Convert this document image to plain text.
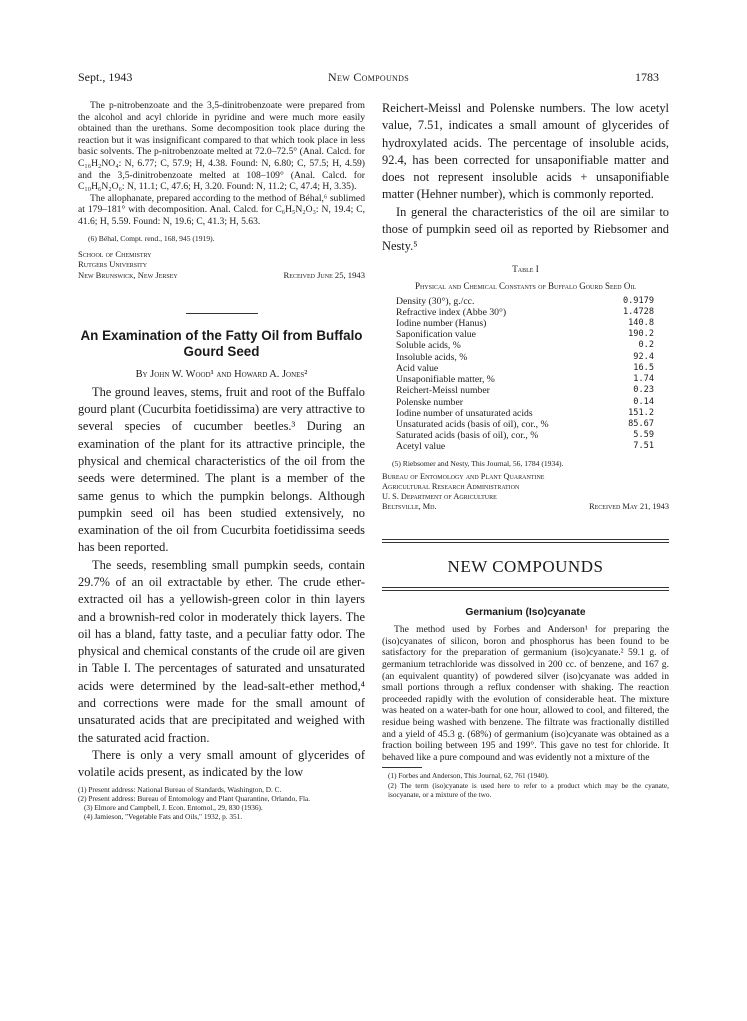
Sept., 1943	New Compounds	1783

The p-nitrobenzoate and the 3,5-dinitrobenzoate were prepared from the alcohol and acyl chloride in pyridine and were much more easily obtained than the urethans. Some decomposition took place during the reaction but it was insignificant compared to that which took place in less basic solvents. The p-nitrobenzoate melted at 72.0–72.5° (Anal. Calcd. for C₁₆H₂NO₄: N, 6.77; C, 57.9; H, 4.38. Found: N, 6.80; C, 57.5; H, 4.59) and the 3,5-dinitrobenzoate melted at 108–109° (Anal. Calcd. for C₁₀H₆N₂O₆: N, 11.1; C, 47.6; H, 3.20. Found: N, 11.2; C, 47.4; H, 3.35).

The allophanate, prepared according to the method of Béhal,⁶ sublimed at 179–181° with decomposition. Anal. Calcd. for C₆H₅N₂O₃: N, 19.4; C, 41.6; H, 5.59. Found: N, 19.6; C, 41.3; H, 5.63.

(6) Béhal, Compt. rend., 168, 945 (1919).
School of Chemistry
Rutgers University
New Brunswick, New Jersey	Received June 25, 1943
An Examination of the Fatty Oil from Buffalo Gourd Seed
By John W. Wood¹ and Howard A. Jones²

The ground leaves, stems, fruit and root of the Buffalo gourd plant (Cucurbita foetidissima) are very attractive to several species of cucumber beetles.³ During an examination of the plant for its attractive principle, the physical and chemical characteristics of the oil from the seeds were determined. The plant is a member of the same genus to which the pumpkin belongs. Although pumpkin seed oil has been studied extensively, no examination of the oil from Cucurbita foetidissima seeds has been reported.

The seeds, resembling small pumpkin seeds, contain 29.7% of an oil extractable by ether. The crude ether-extracted oil has a yellowish-green color in thin layers and a brownish-red color in moderately thick layers. The oil has a bland, fatty taste, and a peculiar fatty odor. The physical and chemical constants of the crude oil are given in Table I. The percentages of saturated and unsaturated acids were determined by the lead-salt-ether method,⁴ and corrections were made for the small amount of unsaturated acids that are precipitated and weighed with the saturated acid fraction.

There is only a very small amount of glycerides of volatile acids present, as indicated by the low

(1) Present address: National Bureau of Standards, Washington, D. C.
(2) Present address: Bureau of Entomology and Plant Quarantine, Orlando, Fla.
(3) Elmore and Campbell, J. Econ. Entomol., 29, 830 (1936).
(4) Jamieson, "Vegetable Fats and Oils," 1932, p. 351.

Reichert-Meissl and Polenske numbers. The low acetyl value, 7.51, indicates a small amount of glycerides of hydroxylated acids. The percentage of insoluble acids, 92.4, has been corrected for unsaponifiable matter and does not represent insoluble acids + unsaponifiable matter (Hehner number), which is commonly reported.

In general the characteristics of the oil are similar to those of pumpkin seed oil as reported by Riebsomer and Nesty.⁵

Table I
Physical and Chemical Constants of Buffalo Gourd Seed Oil
Density (30°), g./cc.	0.9179
Refractive index (Abbe 30°)	1.4728
Iodine number (Hanus)	140.8
Saponification value	190.2
Soluble acids, %	0.2
Insoluble acids, %	92.4
Acid value	16.5
Unsaponifiable matter, %	1.74
Reichert-Meissl number	0.23
Polenske number	0.14
Iodine number of unsaturated acids	151.2
Unsaturated acids (basis of oil), cor., %	85.67
Saturated acids (basis of oil), cor., %	5.59
Acetyl value	7.51
(5) Riebsomer and Nesty, This Journal, 56, 1784 (1934).
Bureau of Entomology and Plant Quarantine
Agricultural Research Administration
U. S. Department of Agriculture
Beltsville, Md.	Received May 21, 1943
NEW COMPOUNDS
Germanium (Iso)cyanate

The method used by Forbes and Anderson¹ for preparing the (iso)cyanates of silicon, boron and phosphorus has been found to be satisfactory for the preparation of germanium (iso)cyanate.² 59.1 g. of germanium tetrachloride was dissolved in 200 cc. of benzene, and 167 g. (an equivalent quantity) of powdered silver (iso)cyanate was added in small portions through a reflux condenser with shaking. The reaction proceeded rapidly with the evolution of considerable heat. The mixture was heated on a water-bath for one hour, allowed to cool, and filtered, the residue being washed with benzene. The filtrate was fractionally distilled and a yield of 45.3 g. (68%) of germanium (iso)cyanate was obtained as a fraction boiling between 195 and 199°. This gave no test for chloride. It behaved like a pure compound and was evidently not a mixture of the

(1) Forbes and Anderson, This Journal, 62, 761 (1940).
(2) The term (iso)cyanate is used here to refer to a product which may be the cyanate, isocyanate, or a mixture of the two.
